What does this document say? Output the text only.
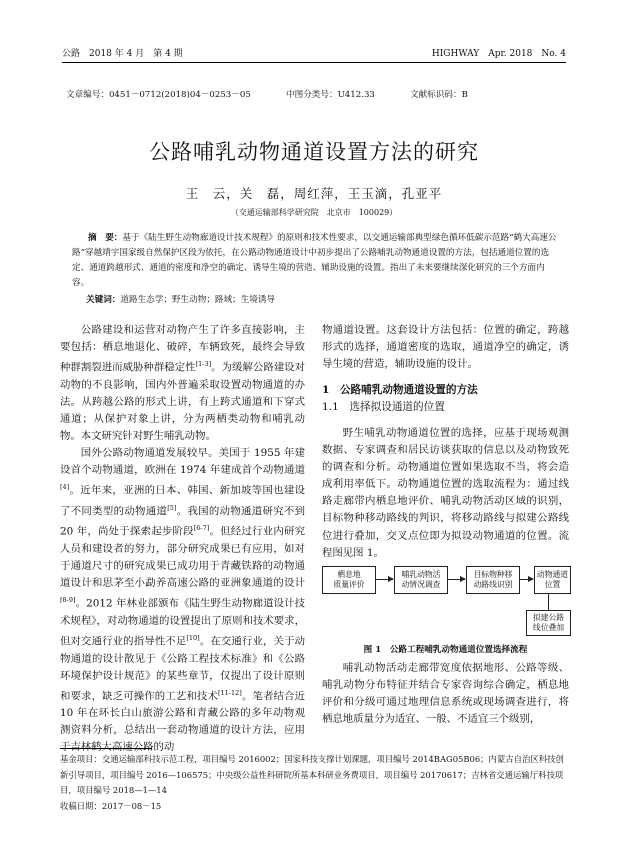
公路　2018 年 4 月　第 4 期	HIGHWAY　Apr. 2018　No. 4
文章编号：0451－0712(2018)04－0253－05	中图分类号：U412.33	文献标识码：B
公路哺乳动物通道设置方法的研究
王　云，关　磊，周红萍，王玉滴，孔亚平
（交通运输部科学研究院　北京市　100029）
摘　要：基于《陆生野生动物廊道设计技术规程》的原则和技术性要求，以交通运输部典型绿色循环低碳示范路“鹤大高速公路”穿越靖宇国家级自然保护区段为依托，在公路动物通道设计中初步提出了公路哺乳动物通道设置的方法，包括通道位置的选定、通道跨越形式、通道的密度和净空的确定、诱导生境的营造、辅助设施的设置。指出了未来要继续深化研究的三个方面内容。
关键词：道路生态学；野生动物；路域；生境诱导

公路建设和运营对动物产生了许多直接影响，主要包括：栖息地退化、破碎，车辆致死，最终会导致种群割裂进而威胁种群稳定性[1-3]。为缓解公路建设对动物的不良影响，国内外普遍采取设置动物通道的办法。从跨越公路的形式上讲，有上跨式通道和下穿式通道；从保护对象上讲，分为两栖类动物和哺乳动物。本文研究针对野生哺乳动物。

国外公路动物通道发展较早。美国于 1955 年建设首个动物通道，欧洲在 1974 年建成首个动物通道[4]。近年来，亚洲的日本、韩国、新加坡等国也建设了不同类型的动物通道[5]。我国的动物通道研究不到 20 年，尚处于探索起步阶段[6-7]。但经过行业内研究人员和建设者的努力，部分研究成果已有应用，如对于通道尺寸的研究成果已成功用于青藏铁路的动物通道设计和思茅至小勐养高速公路的亚洲象通道的设计[8-9]。2012 年林业部颁布《陆生野生动物廊道设计技术规程》，对动物通道的设置提出了原则和技术要求，但对交通行业的指导性不足[10]。在交通行业，关于动物通道的设计散见于《公路工程技术标准》和《公路环境保护设计规范》的某些章节，仅提出了设计原则和要求，缺乏可操作的工艺和技术[11-12]。笔者结合近 10 年在环长白山旅游公路和青藏公路的多年动物观测资料分析，总结出一套动物通道的设计方法，应用于吉林鹤大高速公路的动

物通道设置。这套设计方法包括：位置的确定，跨越形式的选择，通道密度的选取，通道净空的确定，诱导生境的营造，辅助设施的设计。

1　公路哺乳动物通道设置的方法
1.1　选择拟设通道的位置

野生哺乳动物通道位置的选择，应基于现场观测数据、专家调查和居民访谈获取的信息以及动物致死的调查和分析。动物通道位置如果选取不当，将会造成利用率低下。动物通道位置的选取流程为：通过线路走廊带内栖息地评价、哺乳动物活动区域的识别，目标物种移动路线的判识，将移动路线与拟建公路线位进行叠加，交叉点位即为拟设动物通道的位置。流程图见图 1。

栖息地
质量评价
哺乳动物活
动情况调查
目标物种移
动路线识别
动物通道
位置
拟建公路
线位叠加
图 1　公路工程哺乳动物通道位置选择流程

哺乳动物活动走廊带宽度依据地形、公路等级、哺乳动物分布特征并结合专家咨询综合确定，栖息地评价和分级可通过地理信息系统或现场调查进行，将栖息地质量分为适宜、一般、不适宜三个级别，

基金项目：交通运输部科技示范工程，项目编号 2016002；国家科技支撑计划课题，项目编号 2014BAG05B06；内蒙古自治区科技创新引导项目，项目编号 2016—106575；中央级公益性科研院所基本科研业务费项目，项目编号 20170617；吉林省交通运输厅科技项目，项目编号 2018—1—14
收稿日期：2017－08－15
